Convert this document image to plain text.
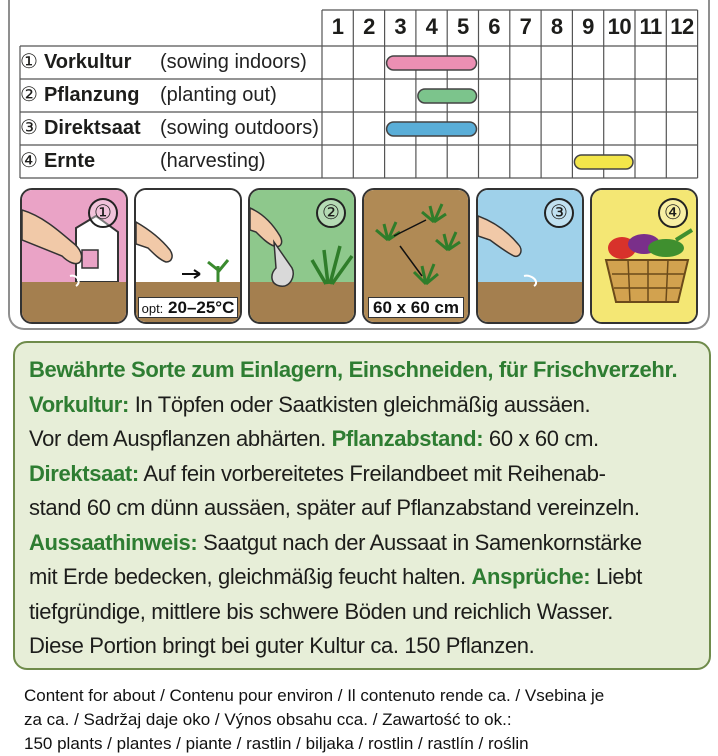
1 2 3 4 5 6 7 8 9 10 11 12
① Vorkultur (sowing indoors)
② Pflanzung (planting out)
③ Direktsaat (sowing outdoors)
④ Ernte	(harvesting)
①
opt: 20–25°C
②
60 x 60 cm
③	④

Bewährte Sorte zum Einlagern, Einschneiden, für Frischverzehr.

Vorkultur: In Töpfen oder Saatkisten gleichmäßig aussäen.

Vor dem Auspflanzen abhärten. Pflanzabstand: 60 x 60 cm.

Direktsaat: Auf fein vorbereitetes Freilandbeet mit Reihenab-

stand 60 cm dünn aussäen, später auf Pflanzabstand vereinzeln.

Aussaathinweis: Saatgut nach der Aussaat in Samenkornstärke

mit Erde bedecken, gleichmäßig feucht halten. Ansprüche: Liebt

tiefgründige, mittlere bis schwere Böden und reichlich Wasser.

Diese Portion bringt bei guter Kultur ca. 150 Pflanzen.

Content for about / Contenu pour environ / Il contenuto rende ca. / Vsebina je
za ca. / Sadržaj daje oko / Výnos obsahu cca. / Zawartość to ok.:
150 plants / plantes / piante / rastlin / biljaka / rostlin / rastlín / roślin
